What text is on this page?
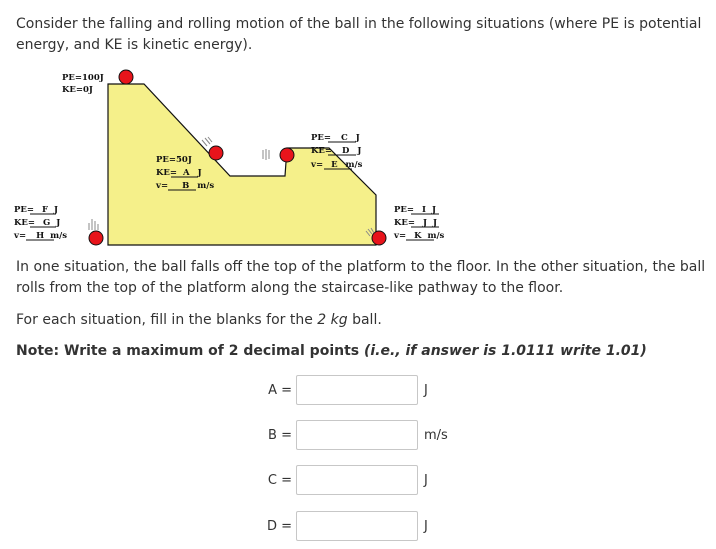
Consider the falling and rolling motion of the ball in the following situations (where PE is potential energy, and KE is kinetic energy).

PE=100J
KE=0J
PE=50J
KE= A J
v= B m/s
PE= C J
KE= D J
v= E m/s
PE= F J
KE= G J
v= H m/s
PE= I J
KE= J J
v= K m/s

In one situation, the ball falls off the top of the platform to the floor. In the other situation, the ball rolls from the top of the platform along the staircase-like pathway to the floor.

For each situation, fill in the blanks for the 2 kg ball.

Note: Write a maximum of 2 decimal points (i.e., if answer is 1.0111 write 1.01)

A =	J
B =	m/s
C =	J
D =	J
